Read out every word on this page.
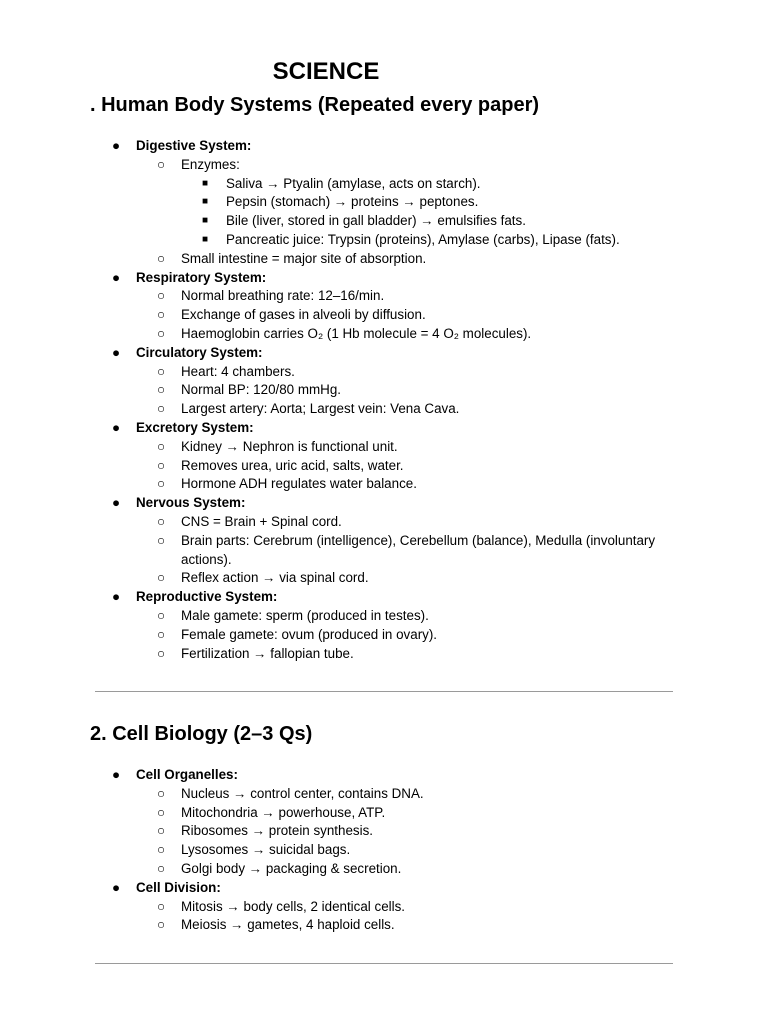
SCIENCE
. Human Body Systems (Repeated every paper)
● Digestive System:
○ Enzymes:
■ Saliva → Ptyalin (amylase, acts on starch).
■ Pepsin (stomach) → proteins → peptones.
■ Bile (liver, stored in gall bladder) → emulsifies fats.
■ Pancreatic juice: Trypsin (proteins), Amylase (carbs), Lipase (fats).
○ Small intestine = major site of absorption.
● Respiratory System:
○ Normal breathing rate: 12–16/min.
○ Exchange of gases in alveoli by diffusion.
○ Haemoglobin carries O₂ (1 Hb molecule = 4 O₂ molecules).
● Circulatory System:
○ Heart: 4 chambers.
○ Normal BP: 120/80 mmHg.
○ Largest artery: Aorta; Largest vein: Vena Cava.
● Excretory System:
○ Kidney → Nephron is functional unit.
○ Removes urea, uric acid, salts, water.
○ Hormone ADH regulates water balance.
● Nervous System:
○ CNS = Brain + Spinal cord.
○ Brain parts: Cerebrum (intelligence), Cerebellum (balance), Medulla (involuntary actions).
○ Reflex action → via spinal cord.
● Reproductive System:
○ Male gamete: sperm (produced in testes).
○ Female gamete: ovum (produced in ovary).
○ Fertilization → fallopian tube.
2. Cell Biology (2–3 Qs)
● Cell Organelles:
○ Nucleus → control center, contains DNA.
○ Mitochondria → powerhouse, ATP.
○ Ribosomes → protein synthesis.
○ Lysosomes → suicidal bags.
○ Golgi body → packaging & secretion.
● Cell Division:
○ Mitosis → body cells, 2 identical cells.
○ Meiosis → gametes, 4 haploid cells.
